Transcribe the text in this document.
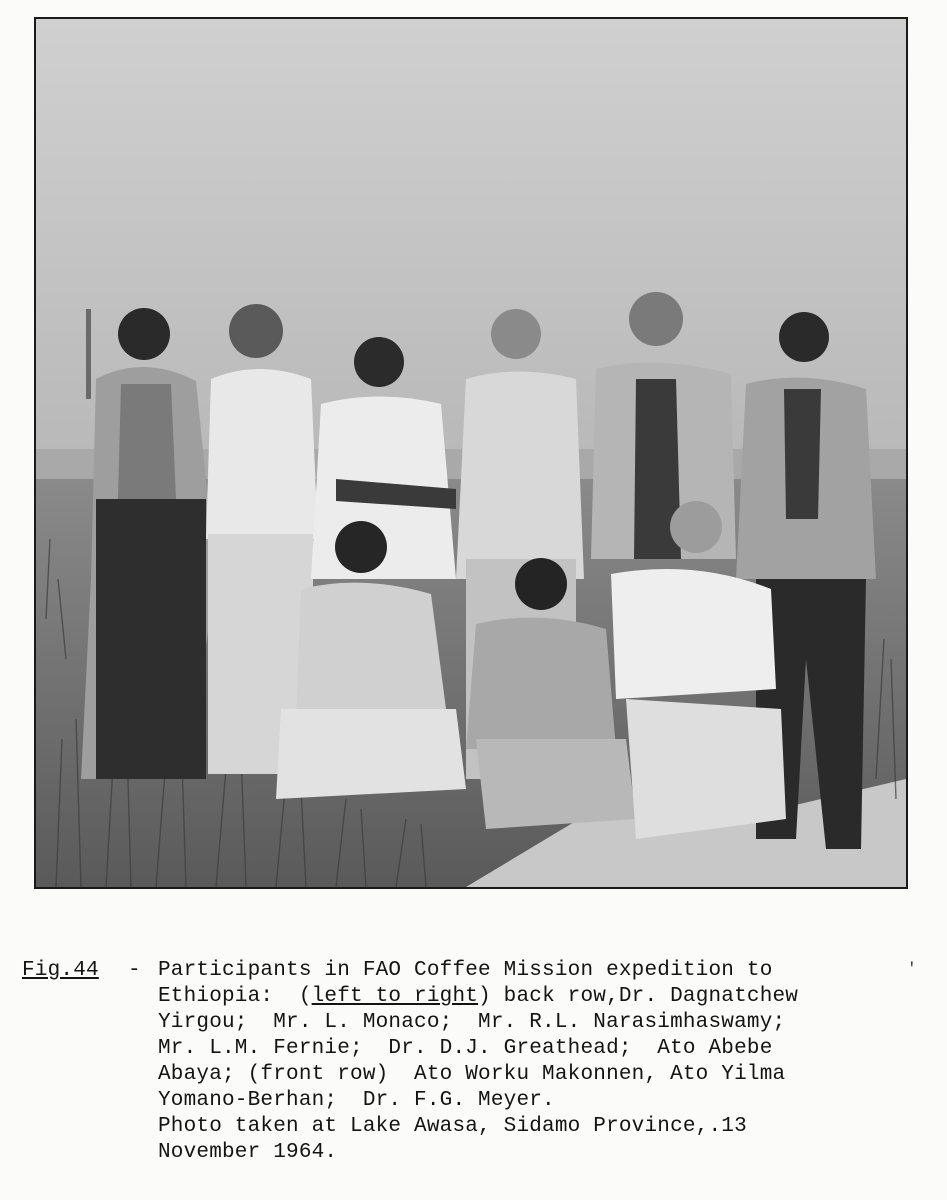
Fig.44 - Participants in FAO Coffee Mission expedition to
Ethiopia:  (left to right) back row,Dr. Dagnatchew
Yirgou;  Mr. L. Monaco;  Mr. R.L. Narasimhaswamy;
Mr. L.M. Fernie;  Dr. D.J. Greathead;  Ato Abebe
Abaya; (front row)  Ato Worku Makonnen, Ato Yilma
Yomano-Berhan;  Dr. F.G. Meyer.
Photo taken at Lake Awasa, Sidamo Province,.13
November 1964.
'
